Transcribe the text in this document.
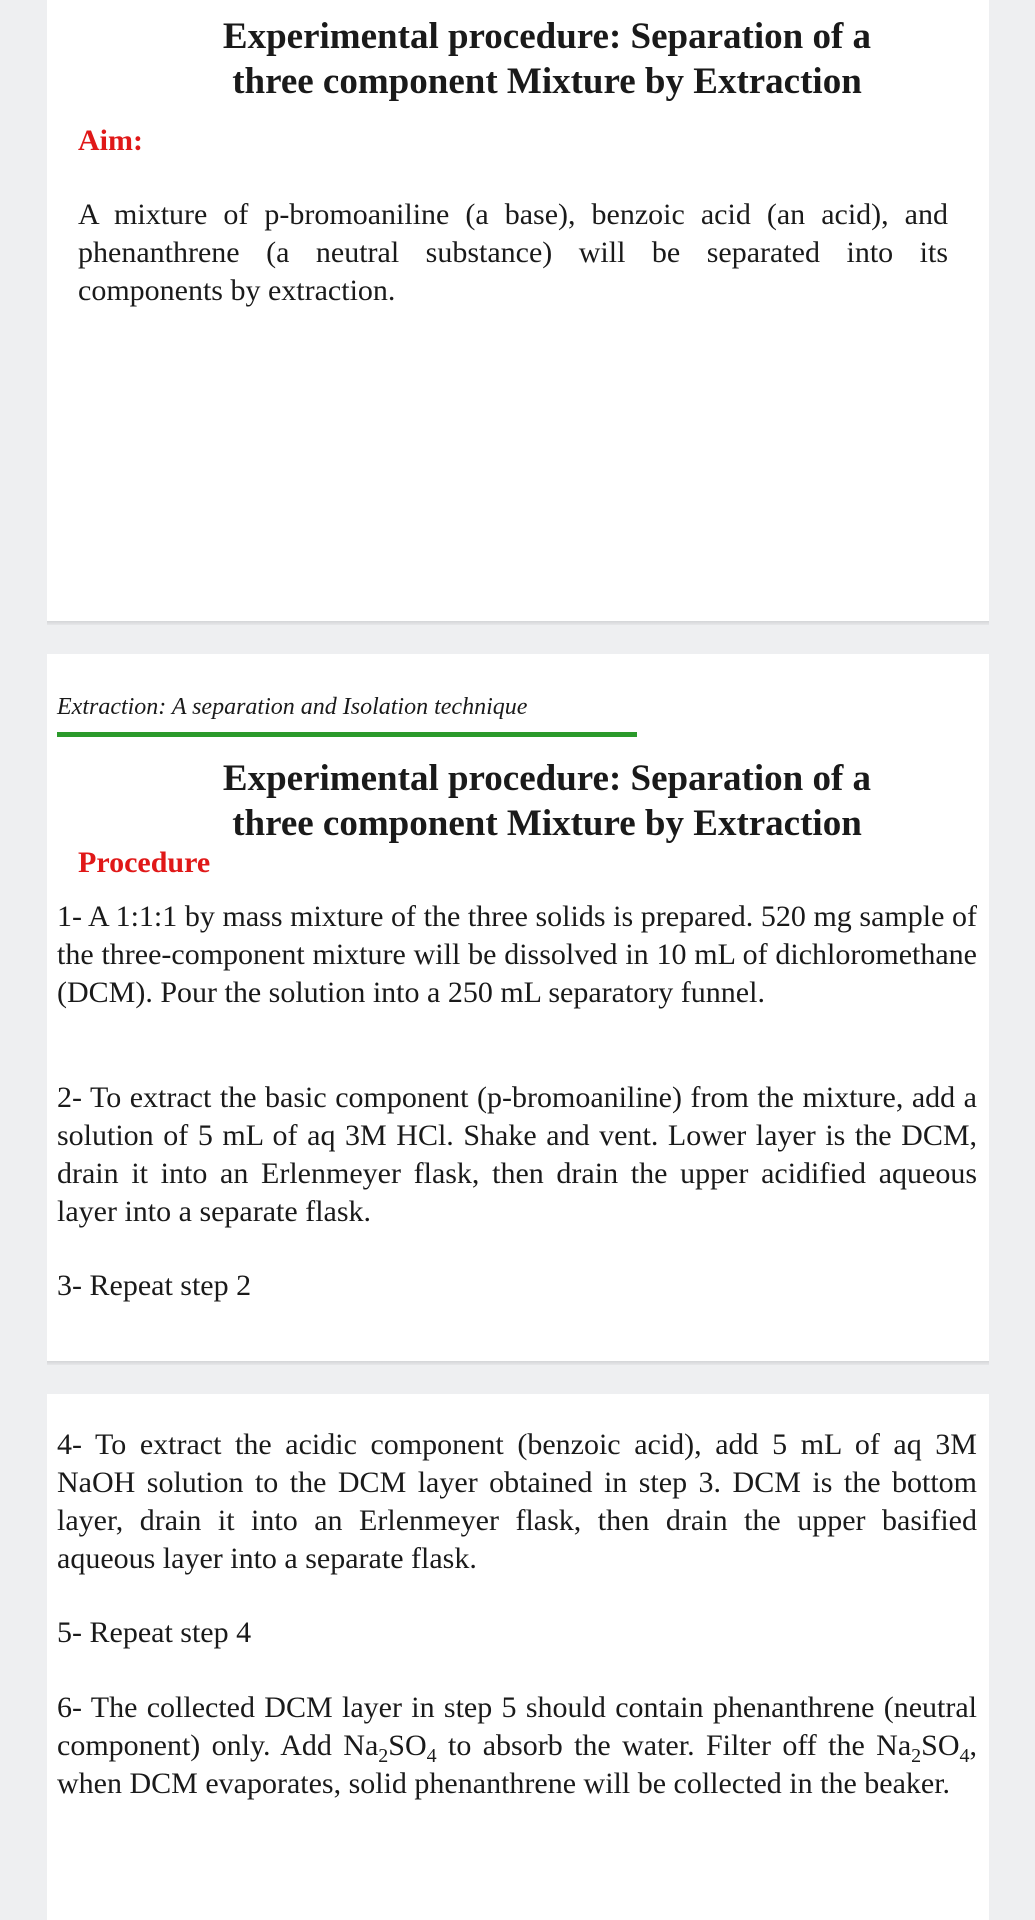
Experimental procedure: Separation of a
three component Mixture by Extraction

Aim:

A mixture of p-bromoaniline (a base), benzoic acid (an acid), and phenanthrene (a neutral substance) will be separated into its components by extraction.

Extraction: A separation and Isolation technique

Experimental procedure: Separation of a
three component Mixture by Extraction

Procedure

1- A 1:1:1 by mass mixture of the three solids is prepared. 520 mg sample of the three-component mixture will be dissolved in 10 mL of dichloromethane (DCM). Pour the solution into a 250 mL separatory funnel.

2- To extract the basic component (p-bromoaniline) from the mixture, add a solution of 5 mL of aq 3M HCl. Shake and vent. Lower layer is the DCM, drain it into an Erlenmeyer flask, then drain the upper acidified aqueous layer into a separate flask.

3- Repeat step 2

4- To extract the acidic component (benzoic acid), add 5 mL of aq 3M NaOH solution to the DCM layer obtained in step 3. DCM is the bottom layer, drain it into an Erlenmeyer flask, then drain the upper basified aqueous layer into a separate flask.

5- Repeat step 4

6- The collected DCM layer in step 5 should contain phenanthrene (neutral component) only. Add $Na_2SO_4$ to absorb the water. Filter off the $Na_2SO_4$, when DCM evaporates, solid phenanthrene will be collected in the beaker.
